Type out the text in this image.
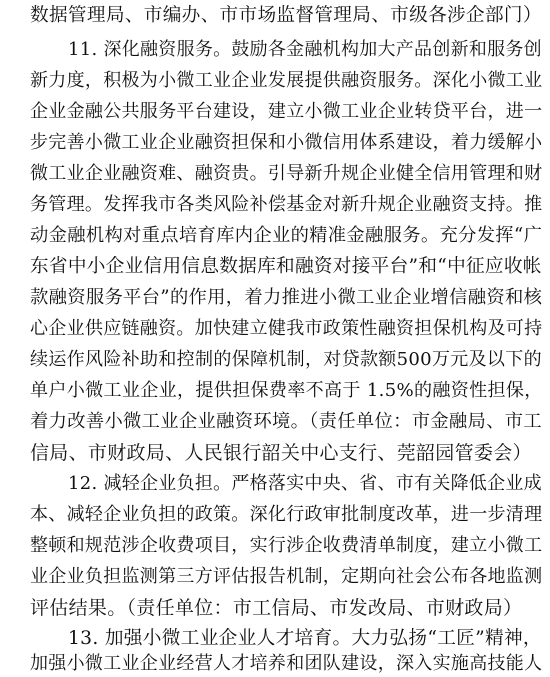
数据管理局、市编办、市市场监督管理局、市级各涉企部门）
11. 深化融资服务。鼓励各金融机构加大产品创新和服务创
新力度，积极为小微工业企业发展提供融资服务。深化小微工业
企业金融公共服务平台建设，建立小微工业企业转贷平台，进一
步完善小微工业企业融资担保和小微信用体系建设，着力缓解小
微工业企业融资难、融资贵。引导新升规企业健全信用管理和财
务管理。发挥我市各类风险补偿基金对新升规企业融资支持。推
动金融机构对重点培育库内企业的精准金融服务。充分发挥“广
东省中小企业信用信息数据库和融资对接平台”和“中征应收帐
款融资服务平台”的作用，着力推进小微工业企业增信融资和核
心企业供应链融资。加快建立健我市政策性融资担保机构及可持
续运作风险补助和控制的保障机制，对贷款额500万元及以下的
单户小微工业企业，提供担保费率不高于 1.5%的融资性担保，
着力改善小微工业企业融资环境。（责任单位：市金融局、市工
信局、市财政局、人民银行韶关中心支行、莞韶园管委会）
12. 减轻企业负担。严格落实中央、省、市有关降低企业成
本、减轻企业负担的政策。深化行政审批制度改革，进一步清理
整顿和规范涉企收费项目，实行涉企收费清单制度，建立小微工
业企业负担监测第三方评估报告机制，定期向社会公布各地监测
评估结果。（责任单位：市工信局、市发改局、市财政局）
13. 加强小微工业企业人才培育。大力弘扬“工匠”精神，
加强小微工业企业经营人才培养和团队建设，深入实施高技能人
